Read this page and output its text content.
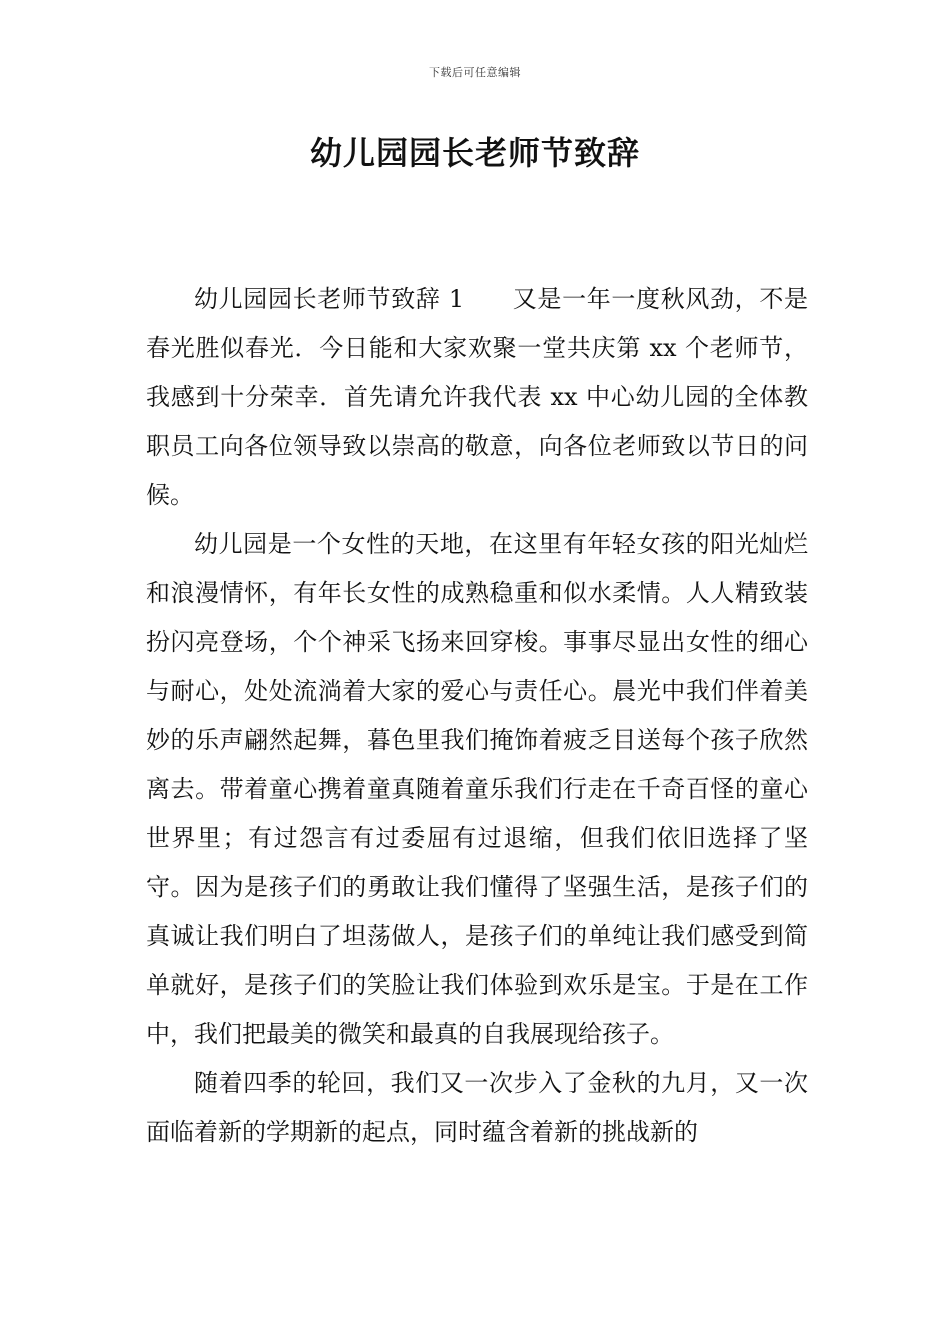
下载后可任意编辑
幼儿园园长老师节致辞

幼儿园园长老师节致辞 1 又是一年一度秋风劲，不是春光胜似春光．今日能和大家欢聚一堂共庆第 xx 个老师节，我感到十分荣幸．首先请允许我代表 xx 中心幼儿园的全体教职员工向各位领导致以崇高的敬意，向各位老师致以节日的问候。

幼儿园是一个女性的天地，在这里有年轻女孩的阳光灿烂和浪漫情怀，有年长女性的成熟稳重和似水柔情。人人精致装扮闪亮登场，个个神采飞扬来回穿梭。事事尽显出女性的细心与耐心，处处流淌着大家的爱心与责任心。晨光中我们伴着美妙的乐声翩然起舞，暮色里我们掩饰着疲乏目送每个孩子欣然离去。带着童心携着童真随着童乐我们行走在千奇百怪的童心世界里；有过怨言有过委屈有过退缩，但我们依旧选择了坚守。因为是孩子们的勇敢让我们懂得了坚强生活，是孩子们的真诚让我们明白了坦荡做人，是孩子们的单纯让我们感受到简单就好，是孩子们的笑脸让我们体验到欢乐是宝。于是在工作中，我们把最美的微笑和最真的自我展现给孩子。

随着四季的轮回，我们又一次步入了金秋的九月，又一次面临着新的学期新的起点，同时蕴含着新的挑战新的
